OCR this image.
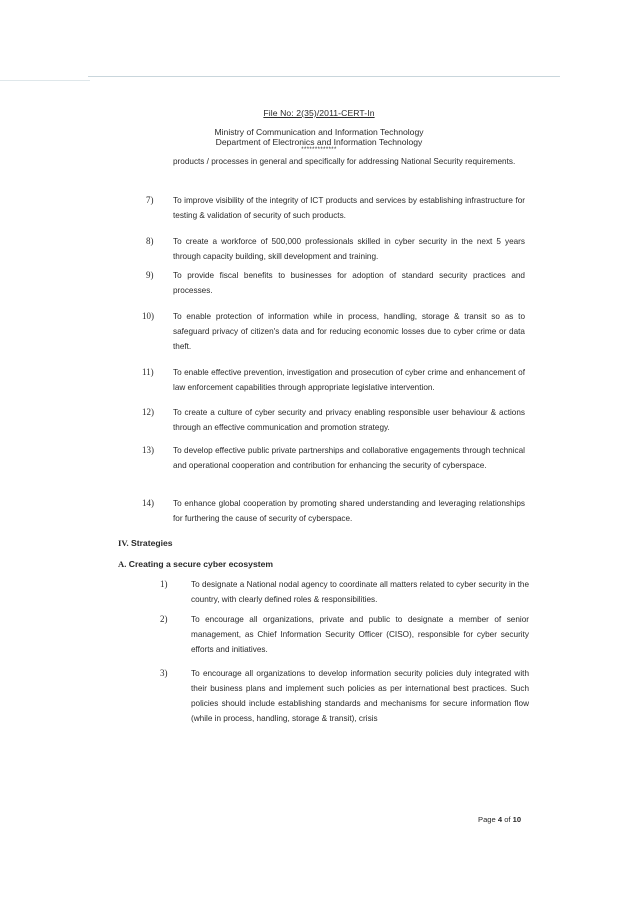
File No: 2(35)/2011-CERT-In
Ministry of Communication and Information Technology
Department of Electronics and Information Technology
*************
products / processes in general and specifically for addressing National Security requirements.
7) To improve visibility of the integrity of ICT products and services by establishing infrastructure for testing & validation of security of such products.
8) To create a workforce of 500,000 professionals skilled in cyber security in the next 5 years through capacity building, skill development and training.
9) To provide fiscal benefits to businesses for adoption of standard security practices and processes.
10) To enable protection of information while in process, handling, storage & transit so as to safeguard privacy of citizen's data and for reducing economic losses due to cyber crime or data theft.
11) To enable effective prevention, investigation and prosecution of cyber crime and enhancement of law enforcement capabilities through appropriate legislative intervention.
12) To create a culture of cyber security and privacy enabling responsible user behaviour & actions through an effective communication and promotion strategy.
13) To develop effective public private partnerships and collaborative engagements through technical and operational cooperation and contribution for enhancing the security of cyberspace.
14) To enhance global cooperation by promoting shared understanding and leveraging relationships for furthering the cause of security of cyberspace.
IV. Strategies
A. Creating a secure cyber ecosystem
1)	To designate a National nodal agency to coordinate all matters related to cyber security in the country, with clearly defined roles & responsibilities.
2)	To encourage all organizations, private and public to designate a member of senior management, as Chief Information Security Officer (CISO), responsible for cyber security efforts and initiatives.
3)	To encourage all organizations to develop information security policies duly integrated with their business plans and implement such policies as per international best practices. Such policies should include establishing standards and mechanisms for secure information flow (while in process, handling, storage & transit), crisis
Page 4 of 10
